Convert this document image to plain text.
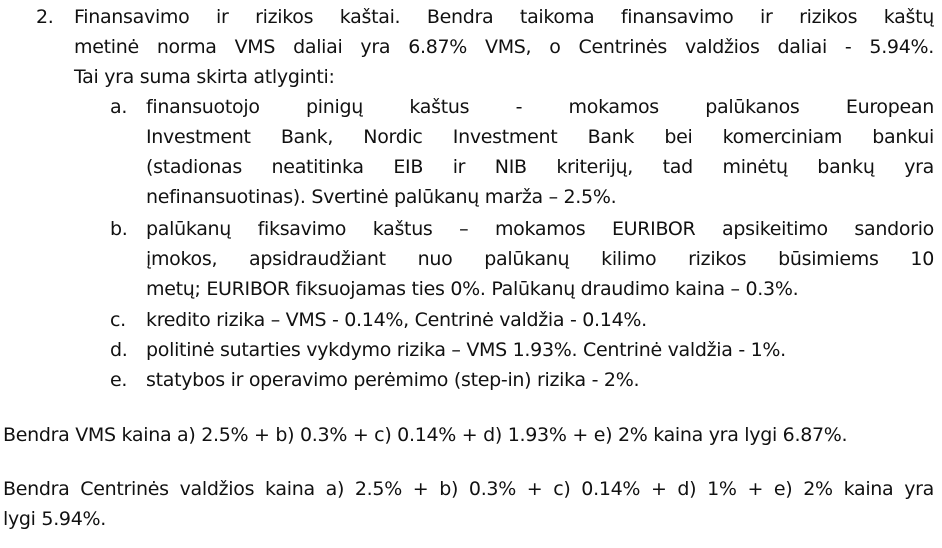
2. Finansavimo ir rizikos kaštai. Bendra taikoma finansavimo ir rizikos kaštų
metinė norma VMS daliai yra 6.87% VMS, o Centrinės valdžios daliai - 5.94%.
Tai yra suma skirta atlyginti:
a. finansuotojo pinigų kaštus - mokamos palūkanos European
Investment Bank, Nordic Investment Bank bei komerciniam bankui
(stadionas neatitinka EIB ir NIB kriterijų, tad minėtų bankų yra
nefinansuotinas). Svertinė palūkanų marža – 2.5%.
b. palūkanų fiksavimo kaštus – mokamos EURIBOR apsikeitimo sandorio
įmokos, apsidraudžiant nuo palūkanų kilimo rizikos būsimiems 10
metų; EURIBOR fiksuojamas ties 0%. Palūkanų draudimo kaina – 0.3%.
c. kredito rizika – VMS - 0.14%, Centrinė valdžia - 0.14%.
d. politinė sutarties vykdymo rizika – VMS 1.93%. Centrinė valdžia - 1%.
e. statybos ir operavimo perėmimo (step-in) rizika - 2%.
Bendra VMS kaina a) 2.5% + b) 0.3% + c) 0.14% + d) 1.93% + e) 2% kaina yra lygi 6.87%.
Bendra Centrinės valdžios kaina a) 2.5% + b) 0.3% + c) 0.14% + d) 1% + e) 2% kaina yra
lygi 5.94%.
